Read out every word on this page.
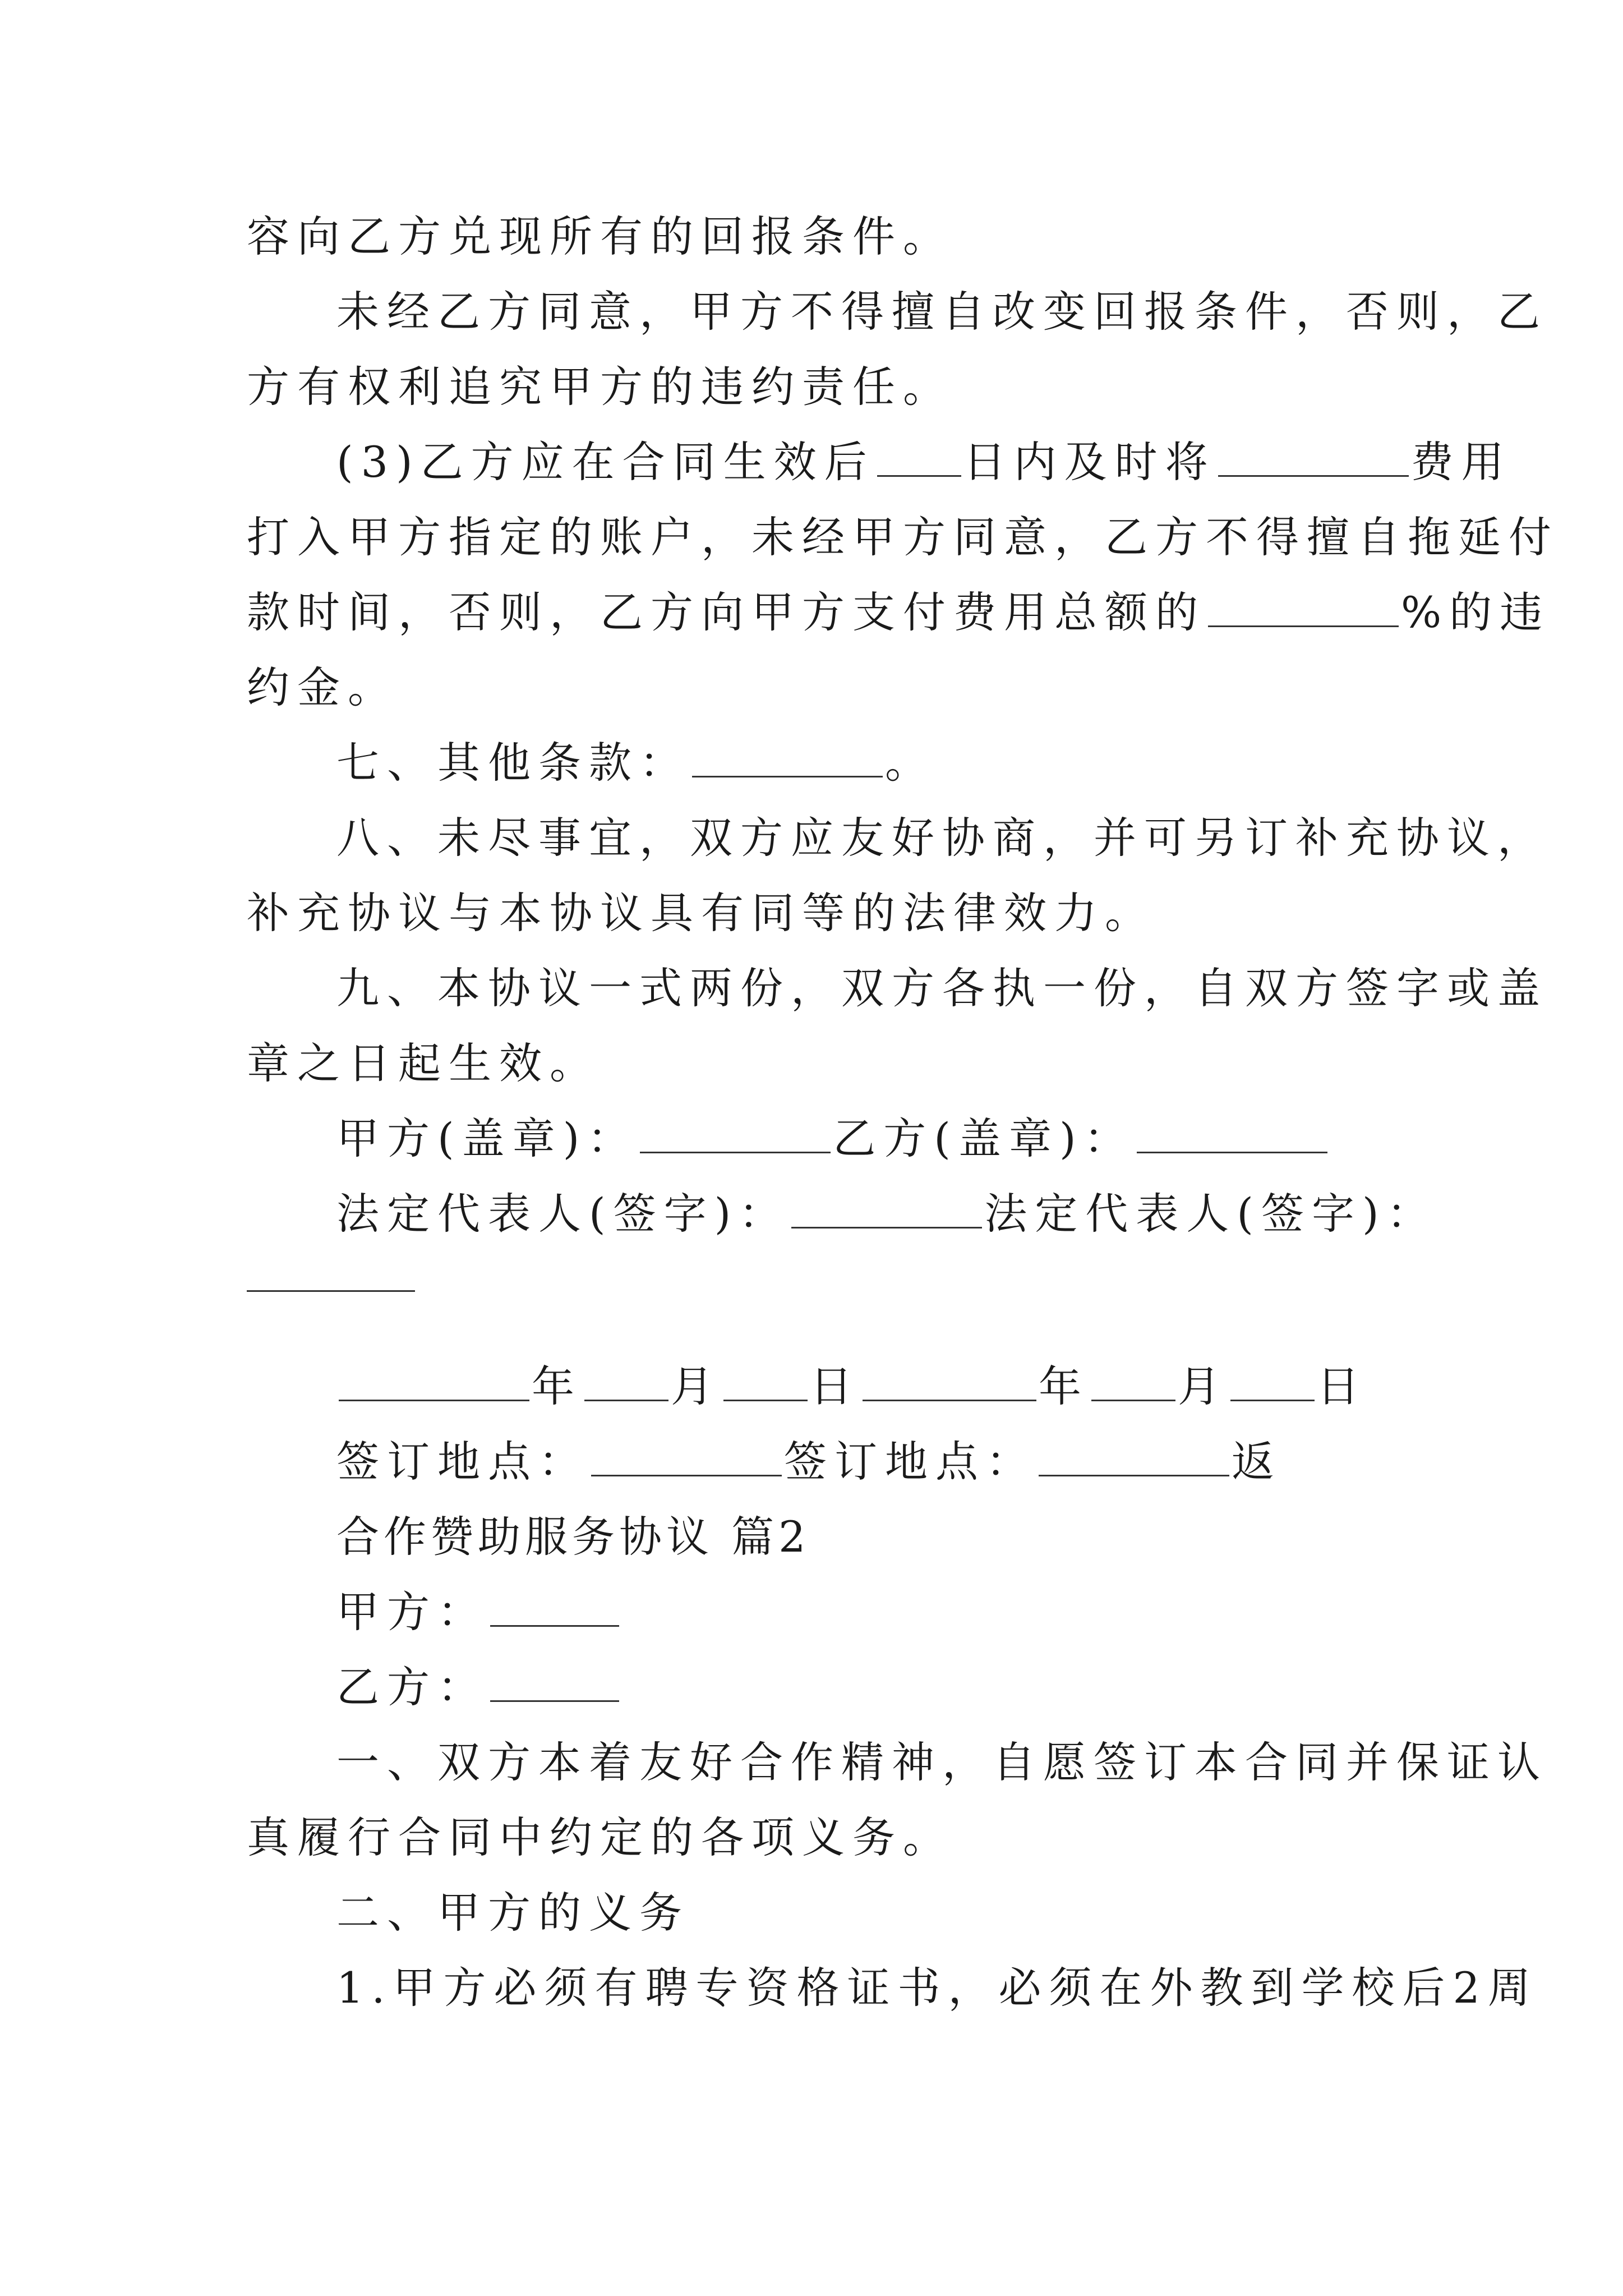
容向乙方兑现所有的回报条件。
未经乙方同意，甲方不得擅自改变回报条件，否则，乙
方有权利追究甲方的违约责任。
(3)乙方应在合同生效后 日内及时将	费用
打入甲方指定的账户，未经甲方同意，乙方不得擅自拖延付
款时间，否则，乙方向甲方支付费用总额的	%的违
约金。
七、其他条款：	。
八、未尽事宜，双方应友好协商，并可另订补充协议，
补充协议与本协议具有同等的法律效力。
九、本协议一式两份，双方各执一份，自双方签字或盖
章之日起生效。
甲方(盖章)：	乙方(盖章)：
法定代表人(签字)：	法定代表人(签字)：
年 月 日	年 月 日
签订地点：	签订地点：	返
合作赞助服务协议 篇2
甲方：
乙方：
一、双方本着友好合作精神，自愿签订本合同并保证认
真履行合同中约定的各项义务。
二、甲方的义务
1.甲方必须有聘专资格证书，必须在外教到学校后2周
